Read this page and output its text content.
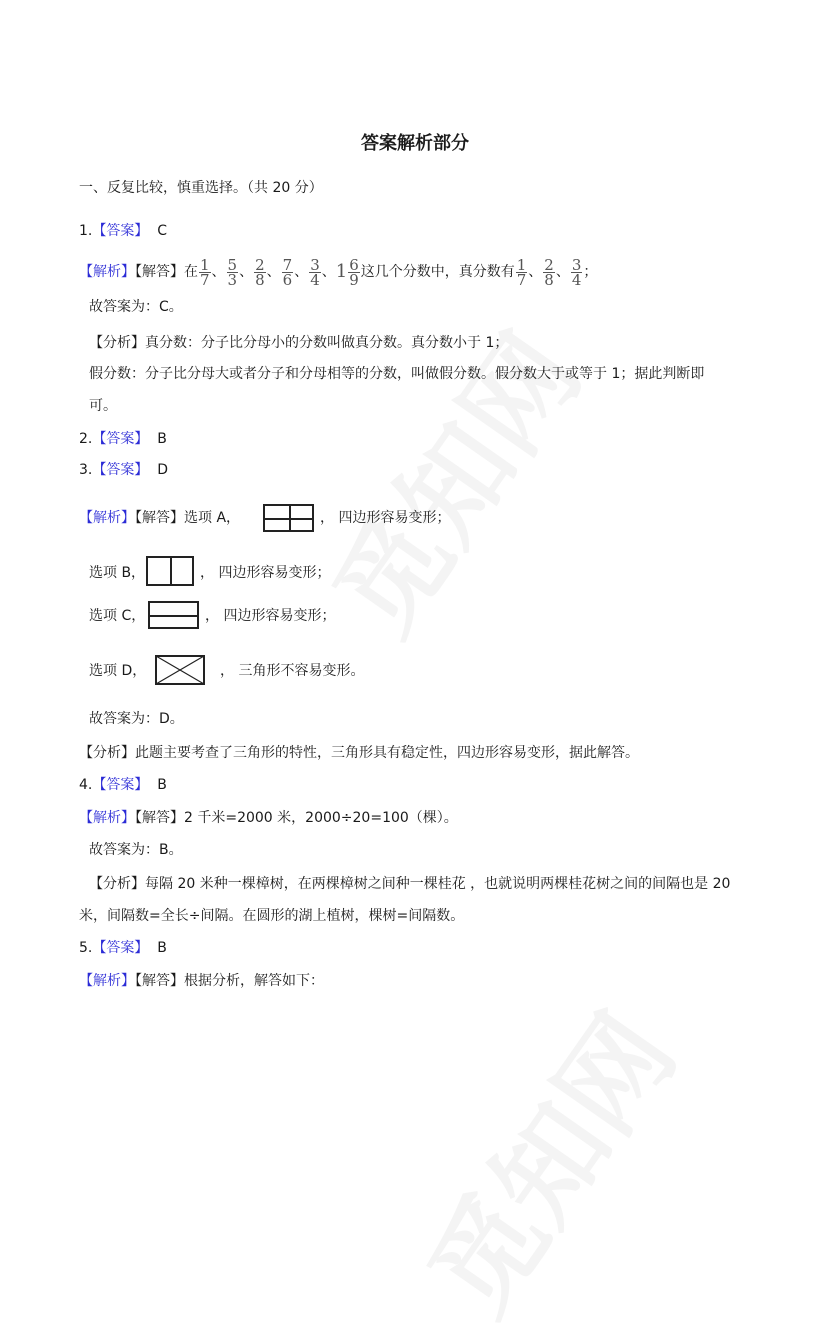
答案解析部分
一、反复比较，慎重选择。（共 20 分）
1.【答案】 C
【解析】【解答】在 $\frac{1}{7}$ 、 $\frac{5}{3}$ 、 $\frac{2}{8}$ 、 $\frac{7}{6}$ 、 $\frac{3}{4}$ 、$1 \frac{6}{9}$ 这几个分数中，真分数有 $\frac{1}{7}$ 、 $\frac{2}{8}$ 、 $\frac{3}{4}$ ；
故答案为：C。
【分析】真分数：分子比分母小的分数叫做真分数。真分数小于 1；
假分数：分子比分母大或者分子和分母相等的分数，叫做假分数。假分数大于或等于 1；据此判断即
可。
2.【答案】 B
3.【答案】 D
【解析】【解答】选项 A，	， 四边形容易变形；
选项 B，	， 四边形容易变形；
选项 C，	， 四边形容易变形；
选项 D，	， 三角形不容易变形。
故答案为：D。
【分析】此题主要考查了三角形的特性，三角形具有稳定性，四边形容易变形，据此解答。
4.【答案】 B
【解析】【解答】2 千米=2000 米，2000÷20=100（棵）。
故答案为：B。
【分析】每隔 20 米种一棵樟树，在两棵樟树之间种一棵桂花 ，也就说明两棵桂花树之间的间隔也是 20
米，间隔数=全长÷间隔。在圆形的湖上植树，棵树=间隔数。
5.【答案】 B
【解析】【解答】根据分析，解答如下：
